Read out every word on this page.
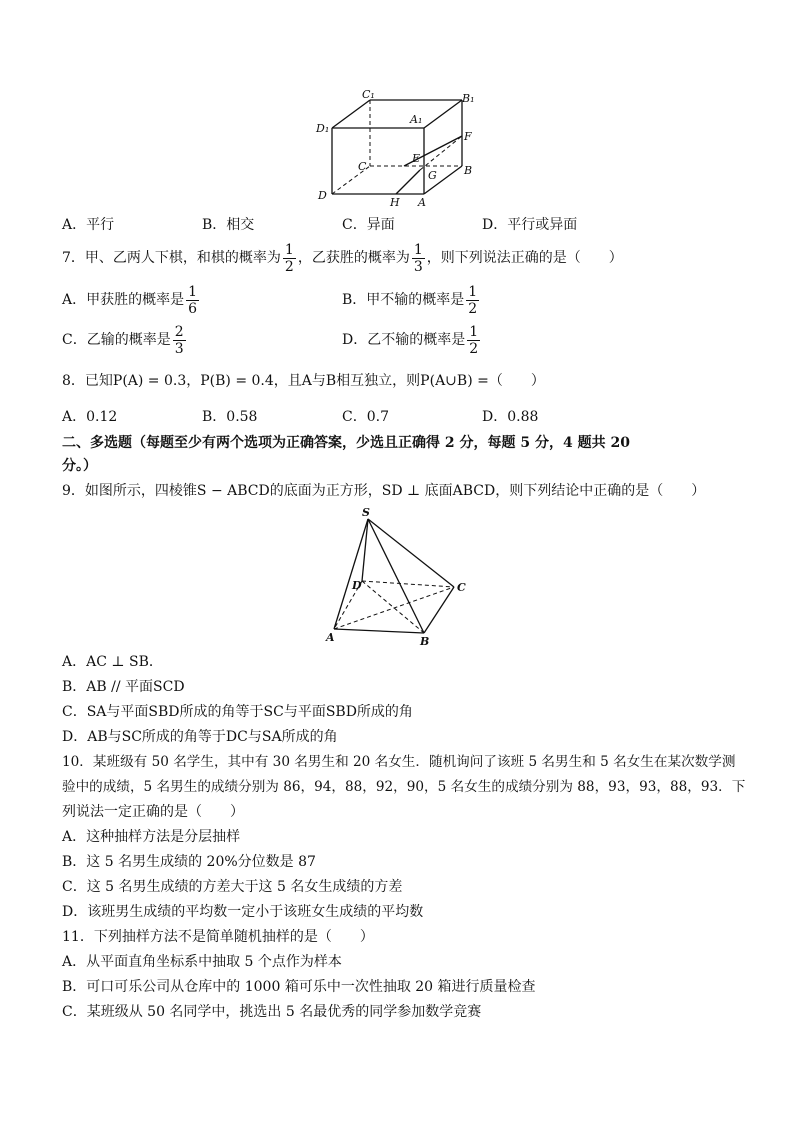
C₁	B₁
D₁
A₁
F
C
E
G B
D
H A
A．平行	B．相交	C．异面	D．平行或异面
7．甲、乙两人下棋，和棋的概率为 $\frac{1}{2}$ ，乙获胜的概率为 $\frac{1}{3}$ ，则下列说法正确的是（　　）
A．甲获胜的概率是 $\frac{1}{6}$	B．甲不输的概率是 $\frac{1}{2}$
C．乙输的概率是 $\frac{2}{3}$	D．乙不输的概率是 $\frac{1}{2}$
8．已知P(A) = 0.3，P(B) = 0.4，且A与B相互独立，则P(A∪B) =（　　）
A．0.12	B．0.58	C．0.7	D．0.88
二、多选题（每题至少有两个选项为正确答案，少选且正确得 2 分，每题 5 分，4 题共 20
分。）
9．如图所示，四棱锥S − ABCD的底面为正方形，SD ⊥ 底面ABCD，则下列结论中正确的是（　　）
S
D	C
A	B
A．AC ⊥ SB．
B．AB // 平面SCD
C．SA与平面SBD所成的角等于SC与平面SBD所成的角
D．AB与SC所成的角等于DC与SA所成的角
10．某班级有 50 名学生，其中有 30 名男生和 20 名女生．随机询问了该班 5 名男生和 5 名女生在某次数学测
验中的成绩，5 名男生的成绩分别为 86，94，88，92，90，5 名女生的成绩分别为 88，93，93，88，93．下
列说法一定正确的是（　　）
A．这种抽样方法是分层抽样
B．这 5 名男生成绩的 20%分位数是 87
C．这 5 名男生成绩的方差大于这 5 名女生成绩的方差
D．该班男生成绩的平均数一定小于该班女生成绩的平均数
11．下列抽样方法不是简单随机抽样的是（　　）
A．从平面直角坐标系中抽取 5 个点作为样本
B．可口可乐公司从仓库中的 1000 箱可乐中一次性抽取 20 箱进行质量检查
C．某班级从 50 名同学中，挑选出 5 名最优秀的同学参加数学竞赛
